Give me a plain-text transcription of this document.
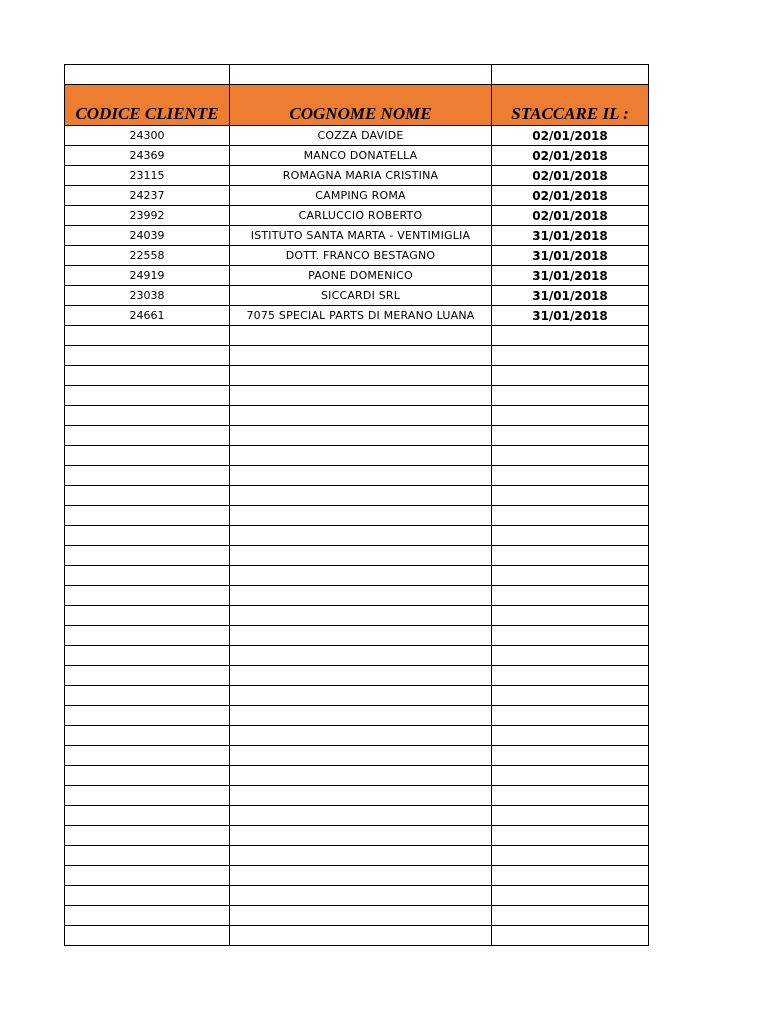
CODICE CLIENTE	COGNOME NOME	STACCARE IL :
24300	COZZA DAVIDE	02/01/2018
24369	MANCO DONATELLA	02/01/2018
23115	ROMAGNA MARIA CRISTINA	02/01/2018
24237	CAMPING ROMA	02/01/2018
23992	CARLUCCIO ROBERTO	02/01/2018
24039	ISTITUTO SANTA MARTA - VENTIMIGLIA	31/01/2018
22558	DOTT. FRANCO BESTAGNO	31/01/2018
24919	PAONE DOMENICO	31/01/2018
23038	SICCARDI SRL	31/01/2018
24661	7075 SPECIAL PARTS DI MERANO LUANA	31/01/2018
